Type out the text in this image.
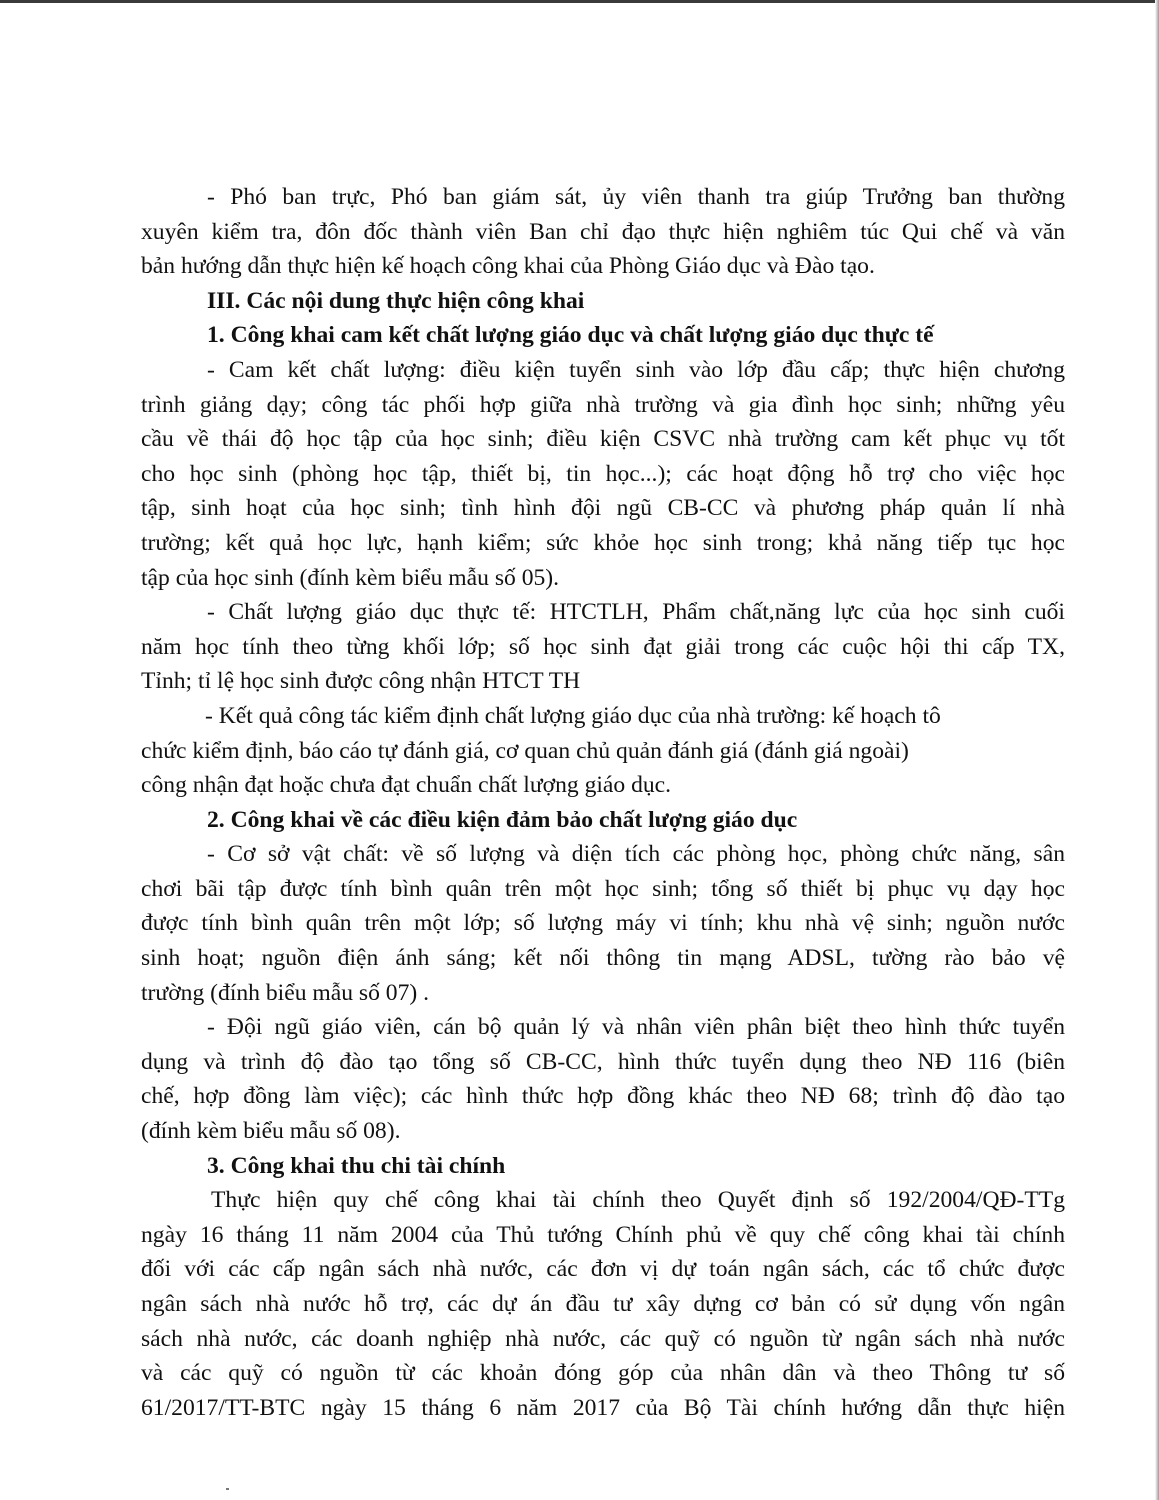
- Phó ban trực, Phó ban giám sát, ủy viên thanh tra giúp Trưởng ban thường
xuyên kiểm tra, đôn đốc thành viên Ban chỉ đạo thực hiện nghiêm túc Qui chế và văn
bản hướng dẫn thực hiện kế hoạch công khai của Phòng Giáo dục và Đào tạo.
III. Các nội dung thực hiện công khai
1. Công khai cam kết chất lượng giáo dục và chất lượng giáo dục thực tế
- Cam kết chất lượng: điều kiện tuyển sinh vào lớp đầu cấp; thực hiện chương
trình giảng dạy; công tác phối hợp giữa nhà trường và gia đình học sinh; những yêu
cầu về thái độ học tập của học sinh; điều kiện CSVC nhà trường cam kết phục vụ tốt
cho học sinh (phòng học tập, thiết bị, tin học...); các hoạt động hỗ trợ cho việc học
tập, sinh hoạt của học sinh; tình hình đội ngũ CB-CC và phương pháp quản lí nhà
trường; kết quả học lực, hạnh kiểm; sức khỏe học sinh trong; khả năng tiếp tục học
tập của học sinh (đính kèm biểu mẫu số 05).
- Chất lượng giáo dục thực tế: HTCTLH, Phẩm chất,năng lực của học sinh cuối
năm học tính theo từng khối lớp; số học sinh đạt giải trong các cuộc hội thi cấp TX,
Tỉnh; tỉ lệ học sinh được công nhận HTCT TH
- Kết quả công tác kiểm định chất lượng giáo dục của nhà trường: kế hoạch tô
chức kiểm định, báo cáo tự đánh giá, cơ quan chủ quản đánh giá (đánh giá ngoài)
công nhận đạt hoặc chưa đạt chuẩn chất lượng giáo dục.
2. Công khai về các điều kiện đảm bảo chất lượng giáo dục
- Cơ sở vật chất: về số lượng và diện tích các phòng học, phòng chức năng, sân
chơi bãi tập được tính bình quân trên một học sinh; tổng số thiết bị phục vụ dạy học
được tính bình quân trên một lớp; số lượng máy vi tính; khu nhà vệ sinh; nguồn nước
sinh hoạt; nguồn điện ánh sáng; kết nối thông tin mạng ADSL, tường rào bảo vệ
trường (đính biểu mẫu số 07) .
- Đội ngũ giáo viên, cán bộ quản lý và nhân viên phân biệt theo hình thức tuyển
dụng và trình độ đào tạo tổng số CB-CC, hình thức tuyển dụng theo NĐ 116 (biên
chế, hợp đồng làm việc); các hình thức hợp đồng khác theo NĐ 68; trình độ đào tạo
(đính kèm biểu mẫu số 08).
3. Công khai thu chi tài chính
Thực hiện quy chế công khai tài chính theo Quyết định số 192/2004/QĐ-TTg
ngày 16 tháng 11 năm 2004 của Thủ tướng Chính phủ về quy chế công khai tài chính
đối với các cấp ngân sách nhà nước, các đơn vị dự toán ngân sách, các tổ chức được
ngân sách nhà nước hỗ trợ, các dự án đầu tư xây dựng cơ bản có sử dụng vốn ngân
sách nhà nước, các doanh nghiệp nhà nước, các quỹ có nguồn từ ngân sách nhà nước
và các quỹ có nguồn từ các khoản đóng góp của nhân dân và theo Thông tư số
61/2017/TT-BTC ngày 15 tháng 6 năm 2017 của Bộ Tài chính hướng dẫn thực hiện
